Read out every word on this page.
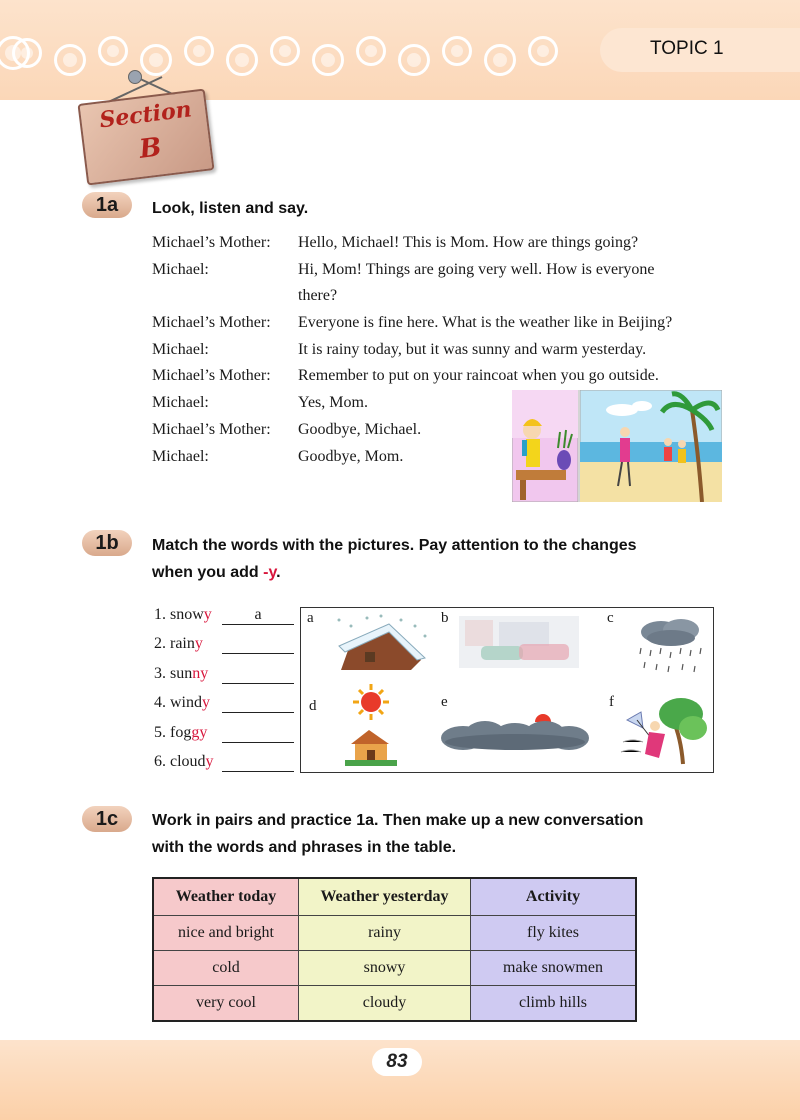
TOPIC 1
Section
B
1a	Look, listen and say.
Michael’s Mother: Hello, Michael! This is Mom. How are things going?
Michael:	Hi, Mom! Things are going very well. How is everyone
there?
Michael’s Mother: Everyone is fine here. What is the weather like in Beijing?
Michael:	It is rainy today, but it was sunny and warm yesterday.
Michael’s Mother: Remember to put on your raincoat when you go outside.
Michael:	Yes, Mom.
Michael’s Mother: Goodbye, Michael.
Michael:	Goodbye, Mom.
1b	Match the words with the pictures. Pay attention to the changes
when you add -y.
1. snowy	a
2. rainy
3. sunny
4. windy
5. foggy
6. cloudy
a	b	c
d	e	f
1c	Work in pairs and practice 1a. Then make up a new conversation
with the words and phrases in the table.
Weather today	Weather yesterday	Activity
nice and bright	rainy	fly kites
cold	snowy	make snowmen
very cool	cloudy	climb hills
83
